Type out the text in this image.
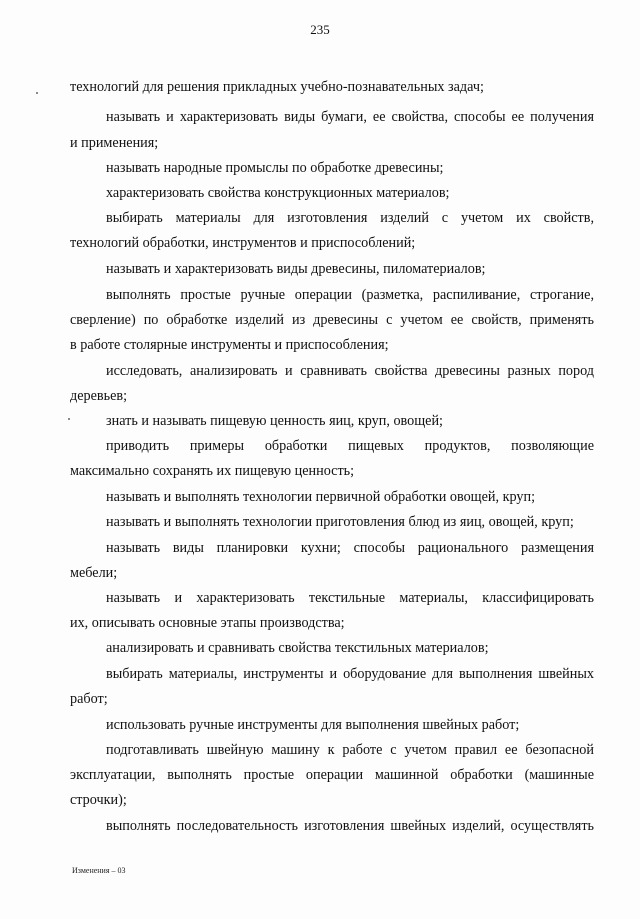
235
технологий для решения прикладных учебно-познавательных задач;
называть и характеризовать виды бумаги, ее свойства, способы ее получения
и применения;
называть народные промыслы по обработке древесины;
характеризовать свойства конструкционных материалов;
выбирать материалы для изготовления изделий с учетом их свойств,
технологий обработки, инструментов и приспособлений;
называть и характеризовать виды древесины, пиломатериалов;
выполнять простые ручные операции (разметка, распиливание, строгание,
сверление) по обработке изделий из древесины с учетом ее свойств, применять
в работе столярные инструменты и приспособления;
исследовать, анализировать и сравнивать свойства древесины разных пород
деревьев;
знать и называть пищевую ценность яиц, круп, овощей;
приводить примеры обработки пищевых продуктов, позволяющие
максимально сохранять их пищевую ценность;
называть и выполнять технологии первичной обработки овощей, круп;
называть и выполнять технологии приготовления блюд из яиц, овощей, круп;
называть виды планировки кухни; способы рационального размещения
мебели;
называть и характеризовать текстильные материалы, классифицировать
их, описывать основные этапы производства;
анализировать и сравнивать свойства текстильных материалов;
выбирать материалы, инструменты и оборудование для выполнения швейных
работ;
использовать ручные инструменты для выполнения швейных работ;
подготавливать швейную машину к работе с учетом правил ее безопасной
эксплуатации, выполнять простые операции машинной обработки (машинные
строчки);
выполнять последовательность изготовления швейных изделий, осуществлять
Изменения – 03
